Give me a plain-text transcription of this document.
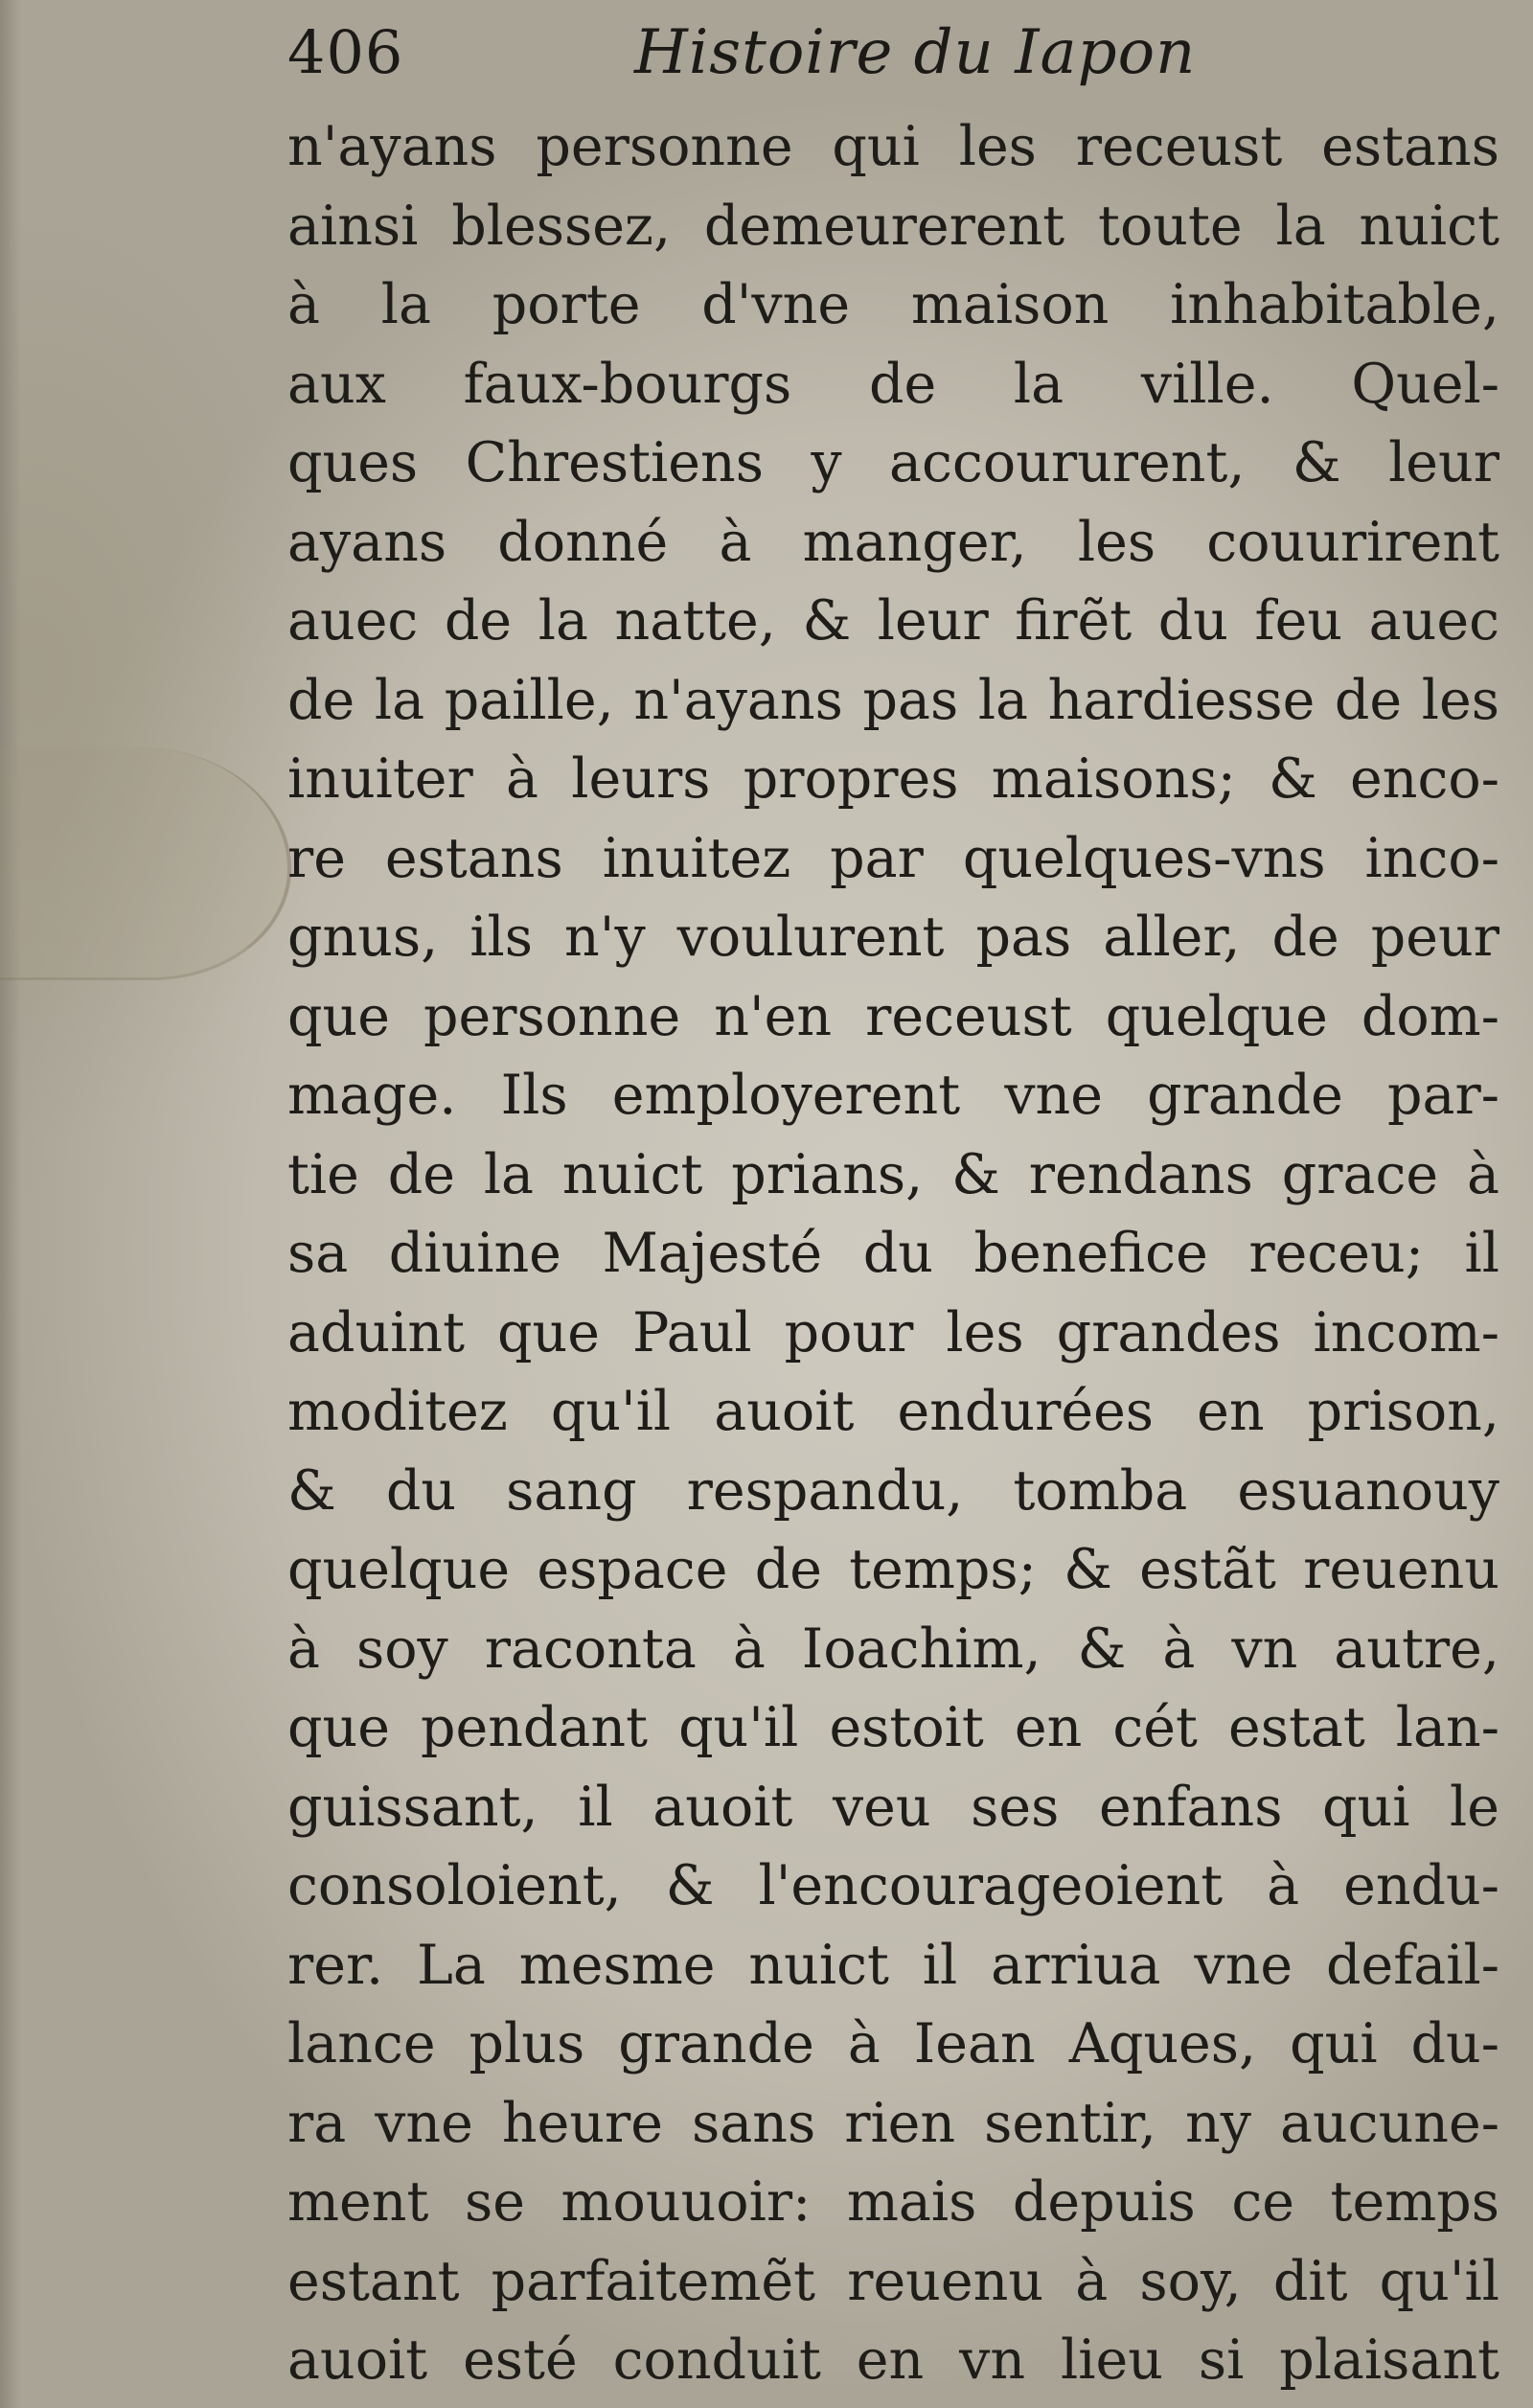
406	Histoire du Iapon
n'ayans personne qui les receust estans
ainsi blessez, demeurerent toute la nuict
à la porte d'vne maison inhabitable,
aux faux-bourgs de la ville. Quel-
ques Chrestiens y accoururent, & leur
ayans donné à manger, les couurirent
auec de la natte, & leur firẽt du feu auec
de la paille, n'ayans pas la hardiesse de les
inuiter à leurs propres maisons; & enco-
re estans inuitez par quelques-vns inco-
gnus, ils n'y voulurent pas aller, de peur
que personne n'en receust quelque dom-
mage. Ils employerent vne grande par-
tie de la nuict prians, & rendans grace à
sa diuine Majesté du benefice receu; il
aduint que Paul pour les grandes incom-
moditez qu'il auoit endurées en prison,
& du sang respandu, tomba esuanouy
quelque espace de temps; & estãt reuenu
à soy raconta à Ioachim, & à vn autre,
que pendant qu'il estoit en cét estat lan-
guissant, il auoit veu ses enfans qui le
consoloient, & l'encourageoient à endu-
rer. La mesme nuict il arriua vne defail-
lance plus grande à Iean Aques, qui du-
ra vne heure sans rien sentir, ny aucune-
ment se mouuoir: mais depuis ce temps
estant parfaitemẽt reuenu à soy, dit qu'il
auoit esté conduit en vn lieu si plaisant
